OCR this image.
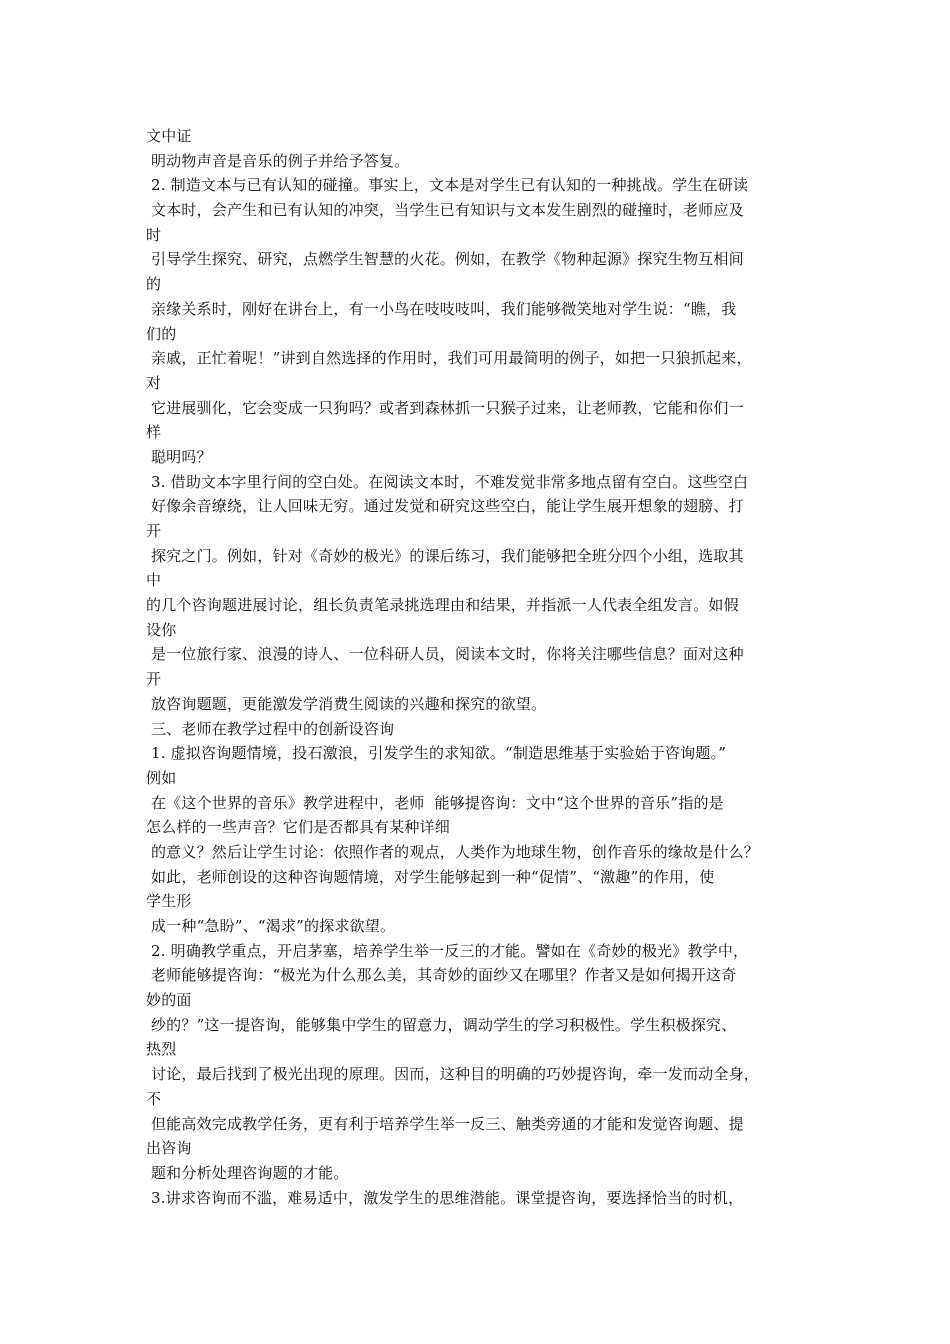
文中证
明动物声音是音乐的例子并给予答复。
2. 制造文本与已有认知的碰撞。事实上，文本是对学生已有认知的一种挑战。学生在研读
文本时，会产生和已有认知的冲突，当学生已有知识与文本发生剧烈的碰撞时，老师应及
时
引导学生探究、研究，点燃学生智慧的火花。例如，在教学《物种起源》探究生物互相间
的
亲缘关系时，刚好在讲台上，有一小鸟在吱吱吱叫，我们能够微笑地对学生说：“瞧，我
们的
亲戚，正忙着呢！”讲到自然选择的作用时，我们可用最简明的例子，如把一只狼抓起来，
对
它进展驯化，它会变成一只狗吗？或者到森林抓一只猴子过来，让老师教，它能和你们一
样
聪明吗？
3. 借助文本字里行间的空白处。在阅读文本时，不难发觉非常多地点留有空白。这些空白
好像余音缭绕，让人回味无穷。通过发觉和研究这些空白，能让学生展开想象的翅膀、打
开
探究之门。例如，针对《奇妙的极光》的课后练习，我们能够把全班分四个小组，选取其
中
的几个咨询题进展讨论，组长负责笔录挑选理由和结果，并指派一人代表全组发言。如假
设你
是一位旅行家、浪漫的诗人、一位科研人员，阅读本文时，你将关注哪些信息？面对这种
开
放咨询题题，更能激发学消费生阅读的兴趣和探究的欲望。
三、老师在教学过程中的创新设咨询
1. 虚拟咨询题情境，投石激浪，引发学生的求知欲。“制造思维基于实验始于咨询题。”
例如
在《这个世界的音乐》教学进程中，老师  能够提咨询：文中“这个世界的音乐”指的是
怎么样的一些声音？它们是否都具有某种详细
的意义？然后让学生讨论：依照作者的观点，人类作为地球生物，创作音乐的缘故是什么？
如此，老师创设的这种咨询题情境，对学生能够起到一种“促情”、“激趣”的作用，使
学生形
成一种“急盼”、“渴求”的探求欲望。
2. 明确教学重点，开启茅塞，培养学生举一反三的才能。譬如在《奇妙的极光》教学中，
老师能够提咨询：“极光为什么那么美，其奇妙的面纱又在哪里？作者又是如何揭开这奇
妙的面
纱的？”这一提咨询，能够集中学生的留意力，调动学生的学习积极性。学生积极探究、
热烈
讨论，最后找到了极光出现的原理。因而，这种目的明确的巧妙提咨询，牵一发而动全身，
不
但能高效完成教学任务，更有利于培养学生举一反三、触类旁通的才能和发觉咨询题、提
出咨询
题和分析处理咨询题的才能。
3.讲求咨询而不滥，难易适中，激发学生的思维潜能。课堂提咨询，要选择恰当的时机，
